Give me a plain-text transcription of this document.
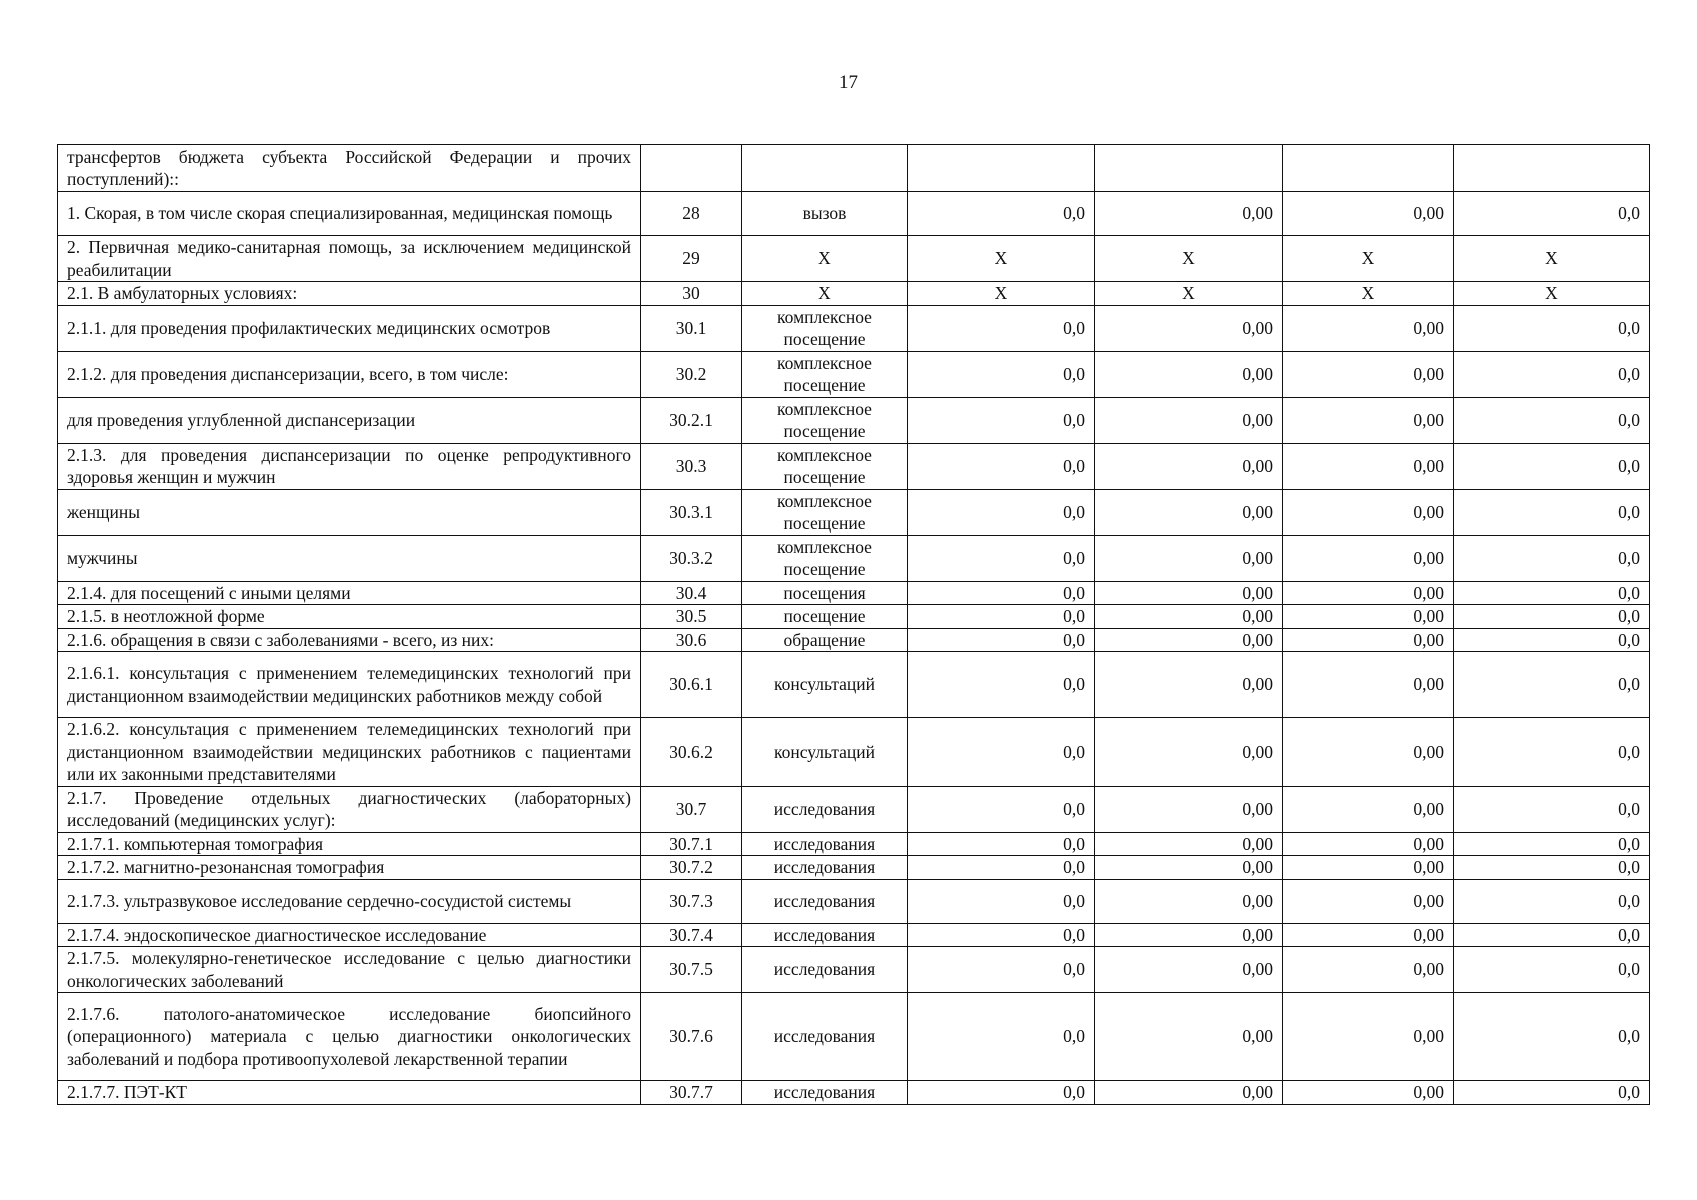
17
трансфертов бюджета субъекта Российской Федерации и прочих поступлений)::						
1. Скорая, в том числе скорая специализированная, медицинская помощь	28	вызов	0,0	0,00	0,00	0,0
2. Первичная медико-санитарная помощь, за исключением медицинской реабилитации	29	X	X	X	X	X
2.1. В амбулаторных условиях:	30	X	X	X	X	X
2.1.1. для проведения профилактических медицинских осмотров	30.1	комплексное посещение	0,0	0,00	0,00	0,0
2.1.2. для проведения диспансеризации, всего, в том числе:	30.2	комплексное посещение	0,0	0,00	0,00	0,0
для проведения углубленной диспансеризации	30.2.1	комплексное посещение	0,0	0,00	0,00	0,0
2.1.3. для проведения диспансеризации по оценке репродуктивного здоровья женщин и мужчин	30.3	комплексное посещение	0,0	0,00	0,00	0,0
женщины	30.3.1	комплексное посещение	0,0	0,00	0,00	0,0
мужчины	30.3.2	комплексное посещение	0,0	0,00	0,00	0,0
2.1.4. для посещений с иными целями	30.4	посещения	0,0	0,00	0,00	0,0
2.1.5. в неотложной форме	30.5	посещение	0,0	0,00	0,00	0,0
2.1.6. обращения в связи с заболеваниями - всего, из них:	30.6	обращение	0,0	0,00	0,00	0,0
2.1.6.1. консультация с применением телемедицинских технологий при дистанционном взаимодействии медицинских работников между собой	30.6.1	консультаций	0,0	0,00	0,00	0,0
2.1.6.2. консультация с применением телемедицинских технологий при дистанционном взаимодействии медицинских работников с пациентами или их законными представителями	30.6.2	консультаций	0,0	0,00	0,00	0,0
2.1.7. Проведение отдельных диагностических (лабораторных) исследований (медицинских услуг):	30.7	исследования	0,0	0,00	0,00	0,0
2.1.7.1. компьютерная томография	30.7.1	исследования	0,0	0,00	0,00	0,0
2.1.7.2. магнитно-резонансная томография	30.7.2	исследования	0,0	0,00	0,00	0,0
2.1.7.3. ультразвуковое исследование сердечно-сосудистой системы	30.7.3	исследования	0,0	0,00	0,00	0,0
2.1.7.4. эндоскопическое диагностическое исследование	30.7.4	исследования	0,0	0,00	0,00	0,0
2.1.7.5. молекулярно-генетическое исследование с целью диагностики онкологических заболеваний	30.7.5	исследования	0,0	0,00	0,00	0,0
2.1.7.6. патолого-анатомическое исследование биопсийного (операционного) материала с целью диагностики онкологических заболеваний и подбора противоопухолевой лекарственной терапии	30.7.6	исследования	0,0	0,00	0,00	0,0
2.1.7.7. ПЭТ-КТ	30.7.7	исследования	0,0	0,00	0,00	0,0
